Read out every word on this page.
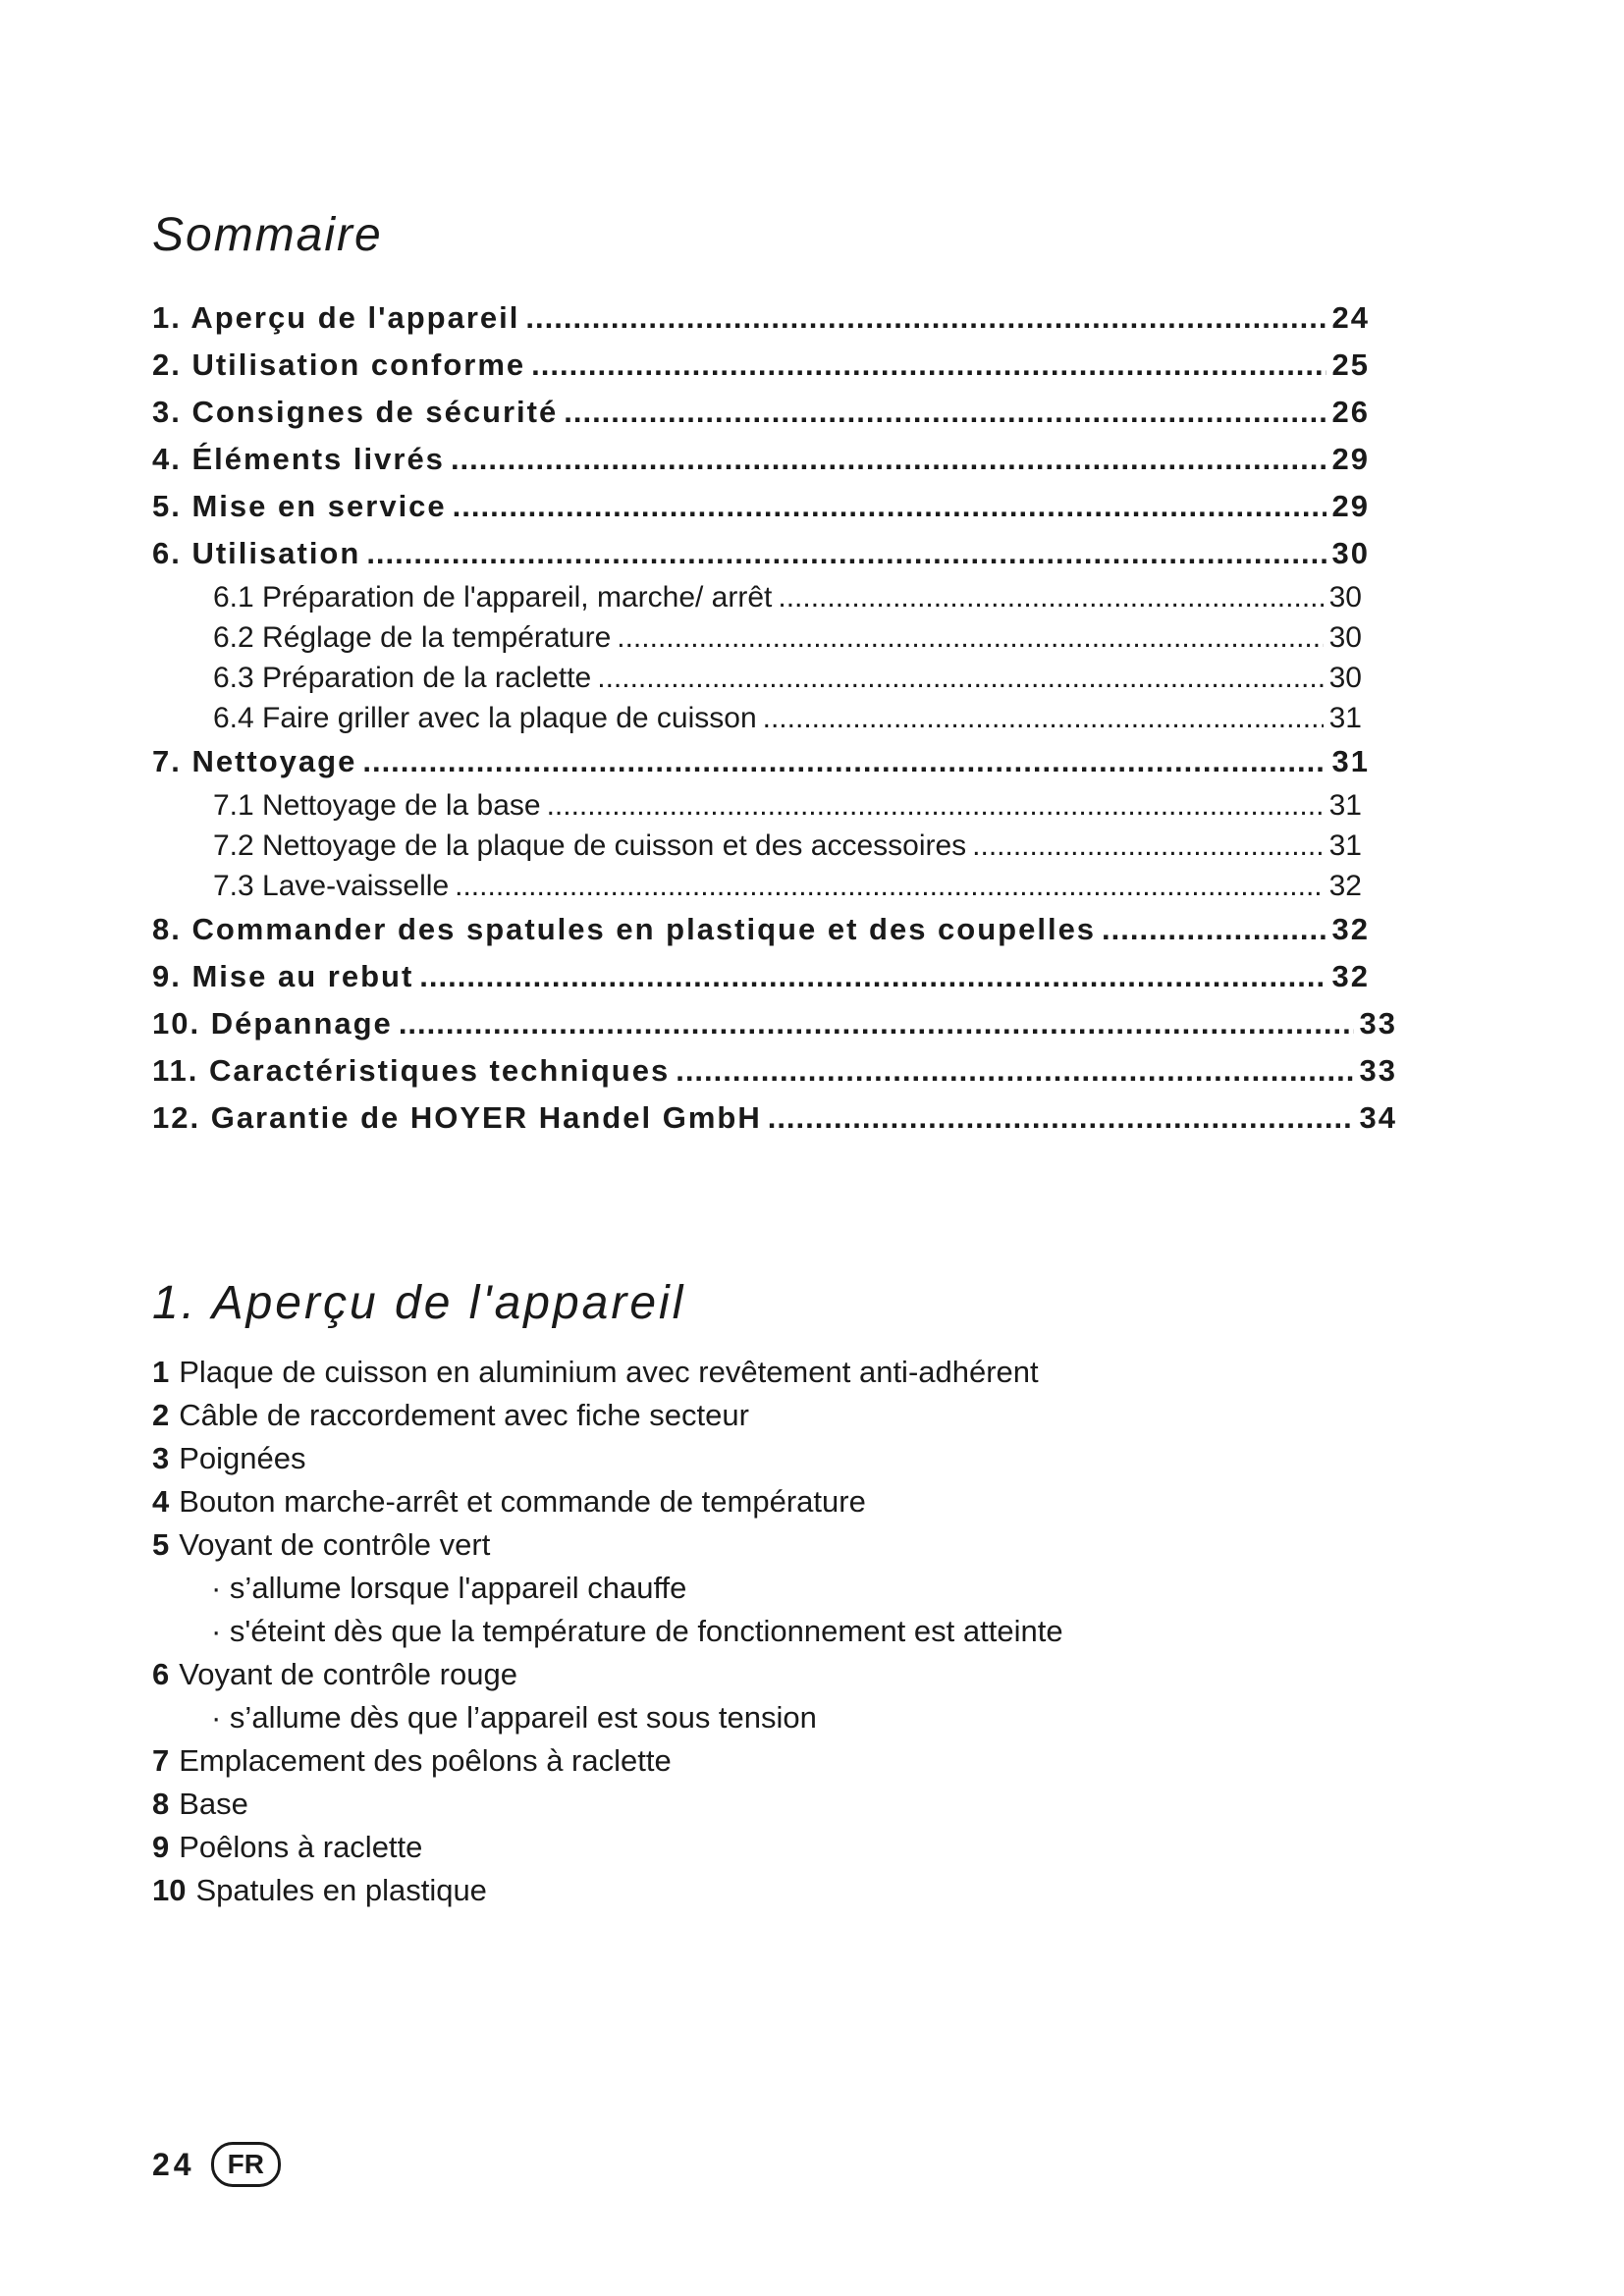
Sommaire
1. Aperçu de l'appareil .....	24
2. Utilisation conforme .....	25
3. Consignes de sécurité .....	26
4. Éléments livrés .....	29
5. Mise en service .....	29
6. Utilisation .....	30
6.1 Préparation de l'appareil, marche/ arrêt .....	30
6.2 Réglage de la température .....	30
6.3 Préparation de la raclette .....	30
6.4 Faire griller avec la plaque de cuisson .....	31
7. Nettoyage .....	31
7.1 Nettoyage de la base .....	31
7.2 Nettoyage de la plaque de cuisson et des accessoires .....	31
7.3 Lave-vaisselle .....	32
8. Commander des spatules en plastique et des coupelles .....	32
9. Mise au rebut .....	32
10. Dépannage .....	33
11. Caractéristiques techniques .....	33
12. Garantie de HOYER Handel GmbH .....	34
1. Aperçu de l'appareil
1 Plaque de cuisson en aluminium avec revêtement anti-adhérent
2 Câble de raccordement avec fiche secteur
3 Poignées
4 Bouton marche-arrêt et commande de température
5 Voyant de contrôle vert
· s’allume lorsque l'appareil chauffe
· s'éteint dès que la température de fonctionnement est atteinte
6 Voyant de contrôle rouge
· s’allume dès que l’appareil est sous tension
7 Emplacement des poêlons à raclette
8 Base
9 Poêlons à raclette
10 Spatules en plastique
24	FR
